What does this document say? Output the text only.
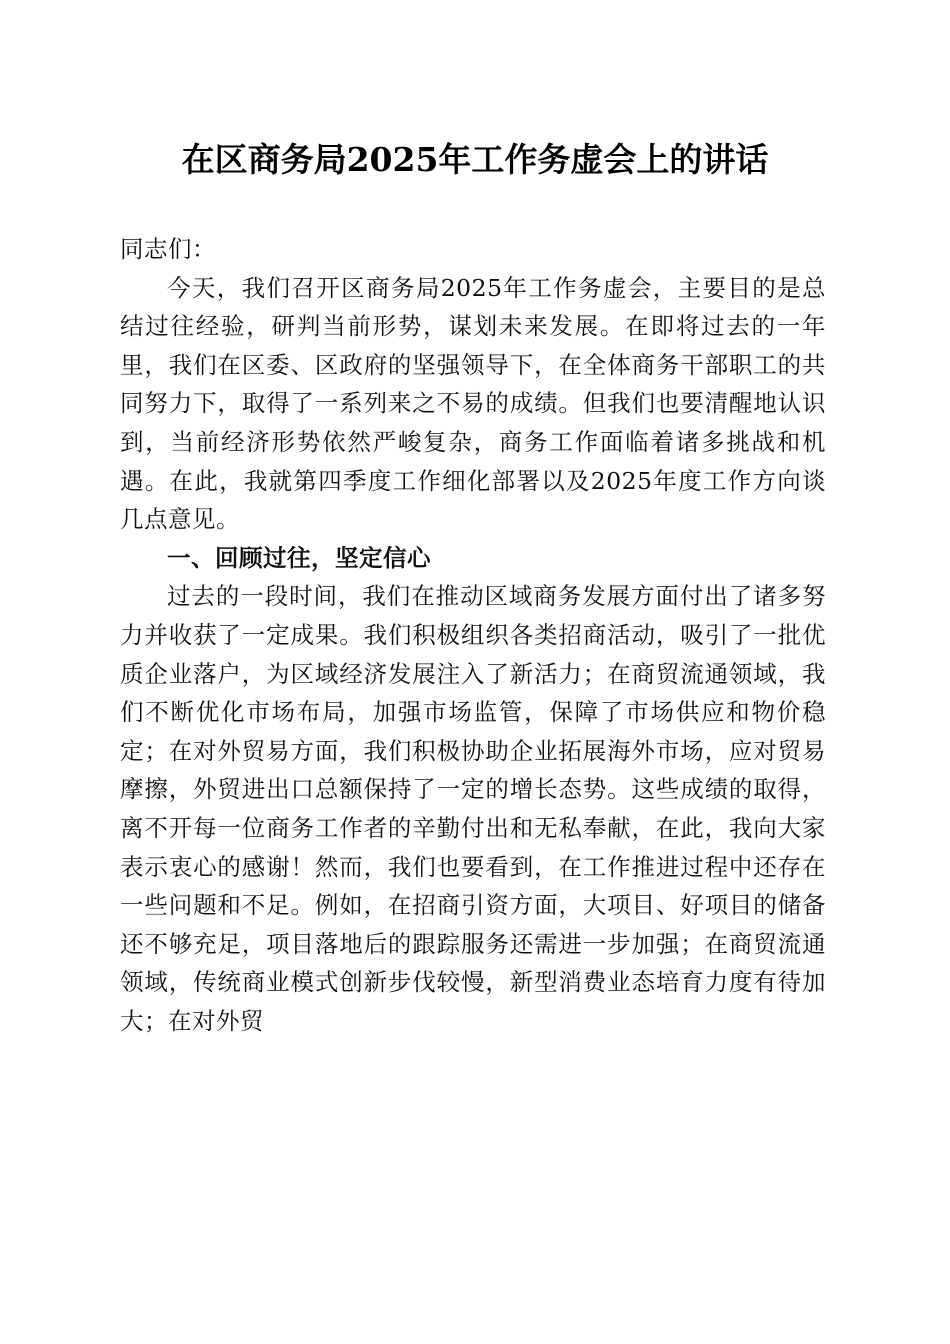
在区商务局2025年工作务虚会上的讲话

同志们：

今天，我们召开区商务局2025年工作务虚会，主要目的是总结过往经验，研判当前形势，谋划未来发展。在即将过去的一年里，我们在区委、区政府的坚强领导下，在全体商务干部职工的共同努力下，取得了一系列来之不易的成绩。但我们也要清醒地认识到，当前经济形势依然严峻复杂，商务工作面临着诸多挑战和机遇。在此，我就第四季度工作细化部署以及2025年度工作方向谈几点意见。

一、回顾过往，坚定信心

过去的一段时间，我们在推动区域商务发展方面付出了诸多努力并收获了一定成果。我们积极组织各类招商活动，吸引了一批优质企业落户，为区域经济发展注入了新活力；在商贸流通领域，我们不断优化市场布局，加强市场监管，保障了市场供应和物价稳定；在对外贸易方面，我们积极协助企业拓展海外市场，应对贸易摩擦，外贸进出口总额保持了一定的增长态势。这些成绩的取得，离不开每一位商务工作者的辛勤付出和无私奉献，在此，我向大家表示衷心的感谢！然而，我们也要看到，在工作推进过程中还存在一些问题和不足。例如，在招商引资方面，大项目、好项目的储备还不够充足，项目落地后的跟踪服务还需进一步加强；在商贸流通领域，传统商业模式创新步伐较慢，新型消费业态培育力度有待加大；在对外贸
